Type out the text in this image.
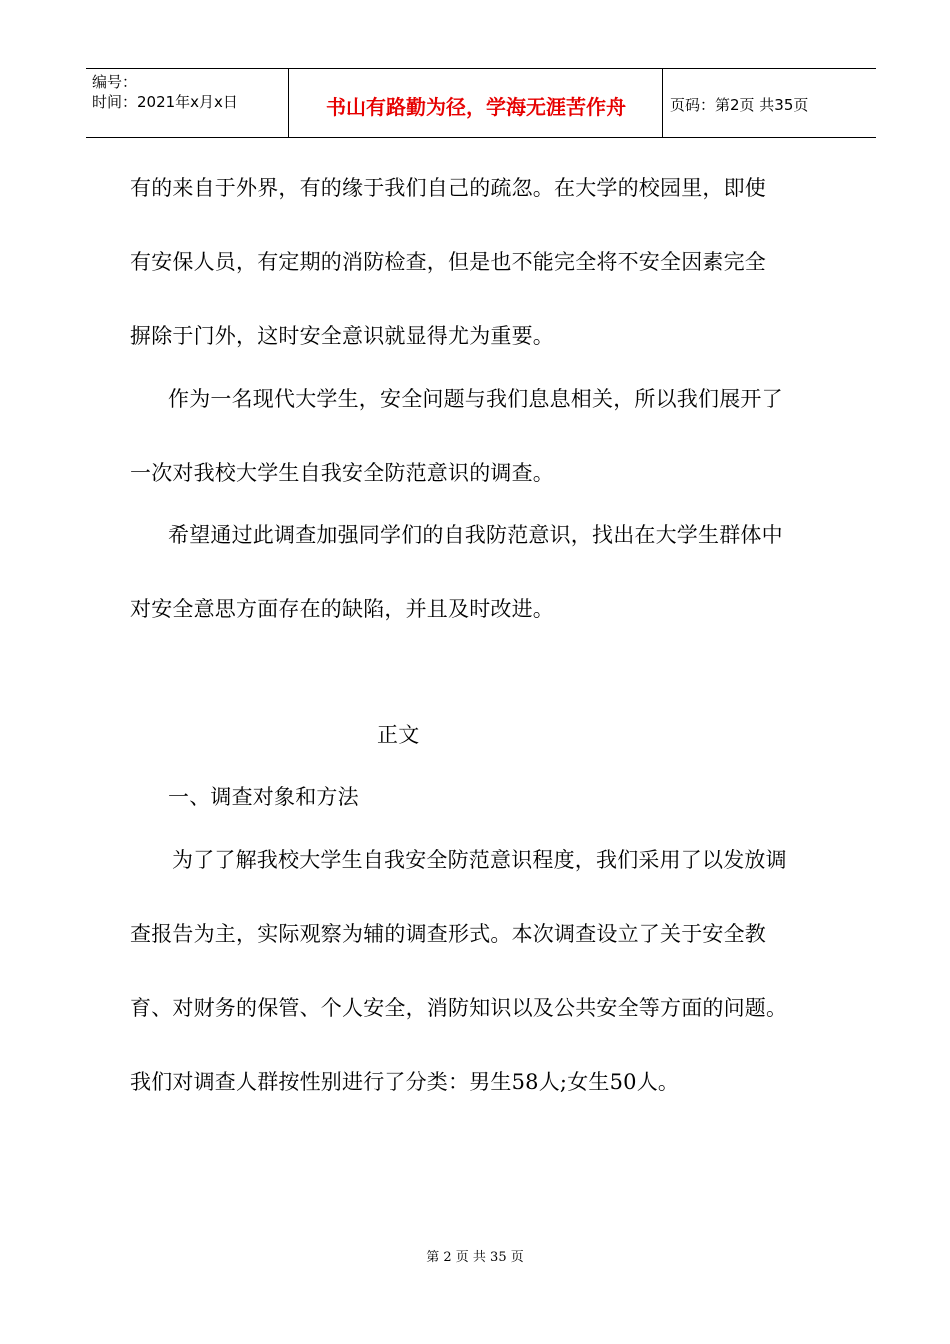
编号：
时间：2021年x月x日	书山有路勤为径，学海无涯苦作舟	页码：第2页 共35页
有的来自于外界，有的缘于我们自己的疏忽。在大学的校园里，即使
有安保人员，有定期的消防检查，但是也不能完全将不安全因素完全
摒除于门外，这时安全意识就显得尤为重要。
作为一名现代大学生，安全问题与我们息息相关，所以我们展开了
一次对我校大学生自我安全防范意识的调查。
希望通过此调查加强同学们的自我防范意识，找出在大学生群体中
对安全意思方面存在的缺陷，并且及时改进。
正文
一、调查对象和方法
为了了解我校大学生自我安全防范意识程度，我们采用了以发放调
查报告为主，实际观察为辅的调查形式。本次调查设立了关于安全教
育、对财务的保管、个人安全，消防知识以及公共安全等方面的问题。
我们对调查人群按性别进行了分类：男生58人;女生50人。
第 2 页 共 35 页
